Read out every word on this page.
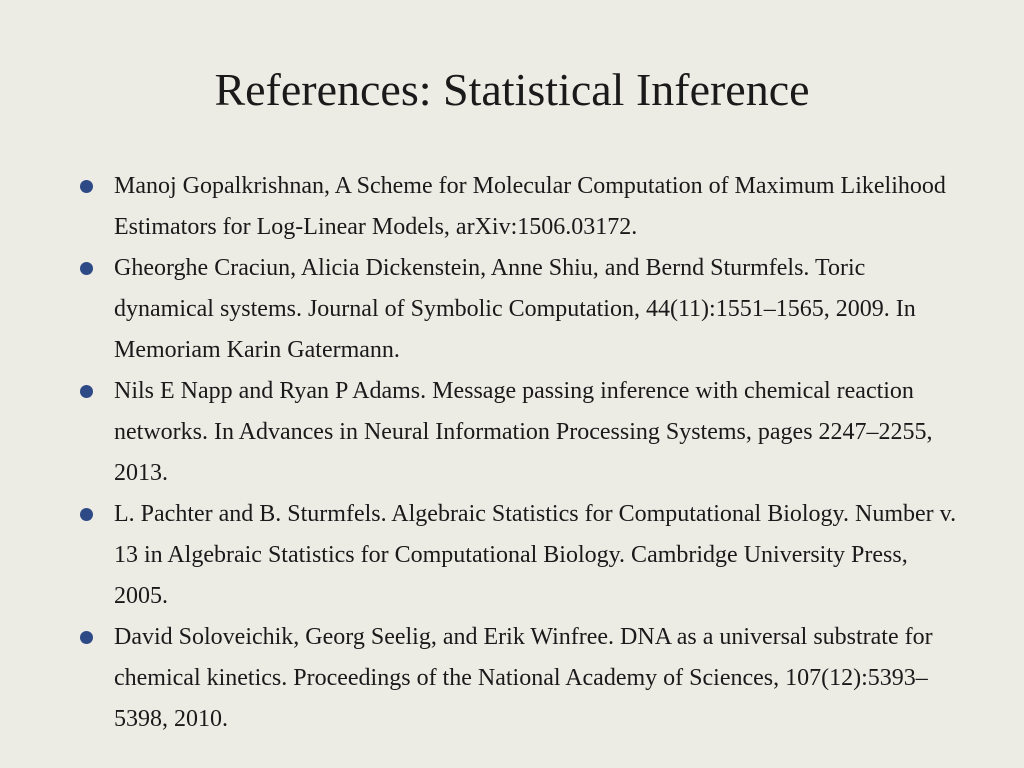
References: Statistical Inference
Manoj Gopalkrishnan, A Scheme for Molecular Computation of Maximum Likelihood Estimators for Log-Linear Models, arXiv:1506.03172.
Gheorghe Craciun, Alicia Dickenstein, Anne Shiu, and Bernd Sturmfels. Toric dynamical systems. Journal of Symbolic Computation, 44(11):1551–1565, 2009. In Memoriam Karin Gatermann.
Nils E Napp and Ryan P Adams. Message passing inference with chemical reaction networks. In Advances in Neural Information Processing Systems, pages 2247–2255, 2013.
L. Pachter and B. Sturmfels. Algebraic Statistics for Computational Biology. Number v. 13 in Algebraic Statistics for Computational Biology. Cambridge University Press, 2005.
David Soloveichik, Georg Seelig, and Erik Winfree. DNA as a universal substrate for chemical kinetics. Proceedings of the National Academy of Sciences, 107(12):5393–5398, 2010.
